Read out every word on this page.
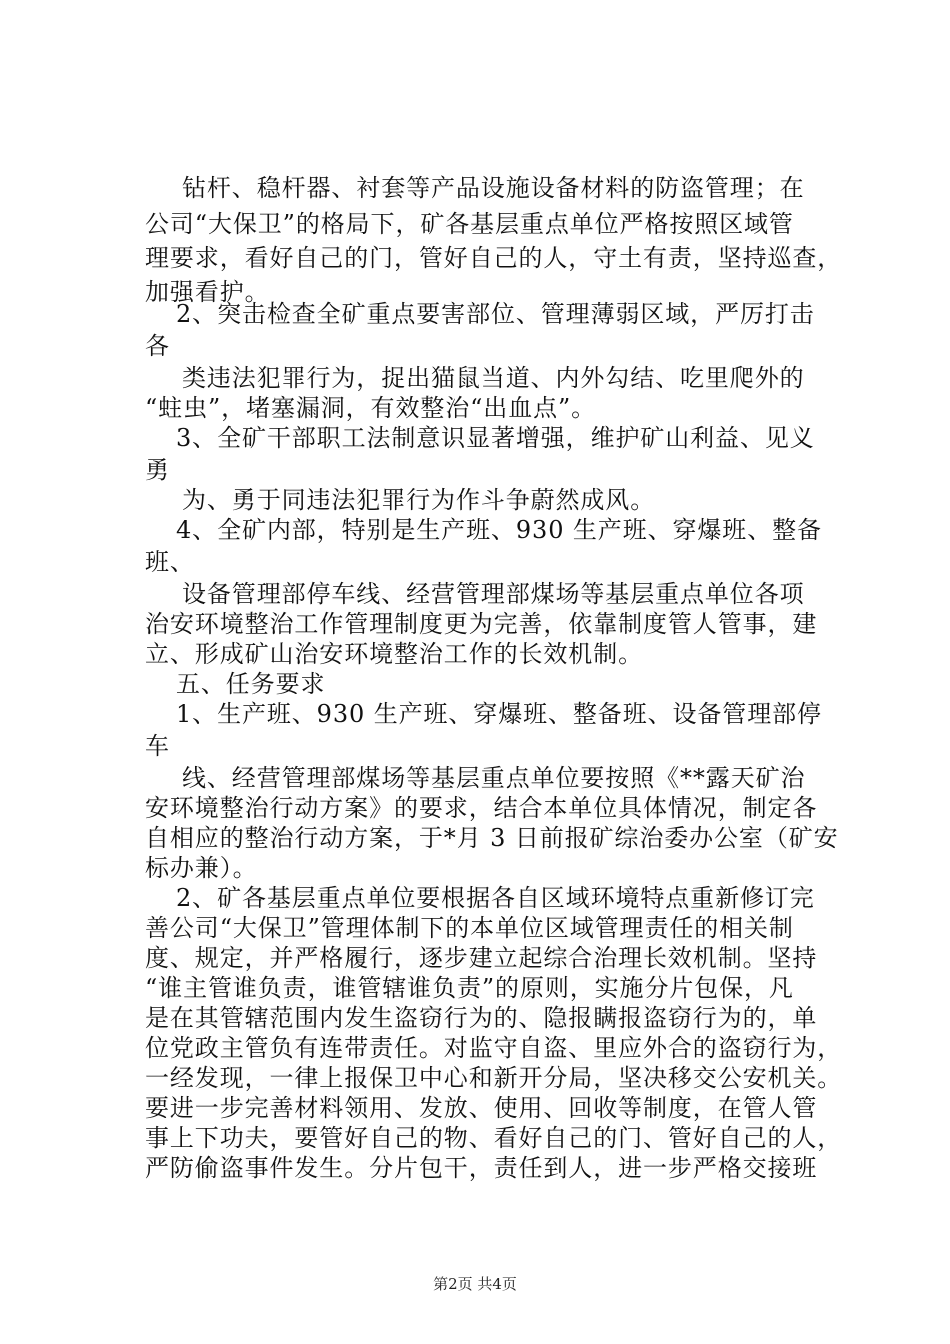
钻杆、稳杆器、衬套等产品设施设备材料的防盗管理；在
公司“大保卫”的格局下，矿各基层重点单位严格按照区域管
理要求，看好自己的门，管好自己的人，守土有责，坚持巡查，
加强看护。
2、突击检查全矿重点要害部位、管理薄弱区域，严厉打击
各
类违法犯罪行为，捉出猫鼠当道、内外勾结、吃里爬外的
“蛀虫”，堵塞漏洞，有效整治“出血点”。
3、全矿干部职工法制意识显著增强，维护矿山利益、见义
勇
为、勇于同违法犯罪行为作斗争蔚然成风。
4、全矿内部，特别是生产班、930 生产班、穿爆班、整备
班、
设备管理部停车线、经营管理部煤场等基层重点单位各项
治安环境整治工作管理制度更为完善，依靠制度管人管事，建
立、形成矿山治安环境整治工作的长效机制。
五、任务要求
1、生产班、930 生产班、穿爆班、整备班、设备管理部停
车
线、经营管理部煤场等基层重点单位要按照《**露天矿治
安环境整治行动方案》的要求，结合本单位具体情况，制定各
自相应的整治行动方案，于*月 3 日前报矿综治委办公室（矿安
标办兼）。
2、矿各基层重点单位要根据各自区域环境特点重新修订完
善公司“大保卫”管理体制下的本单位区域管理责任的相关制
度、规定，并严格履行，逐步建立起综合治理长效机制。坚持
“谁主管谁负责，谁管辖谁负责”的原则，实施分片包保，凡
是在其管辖范围内发生盗窃行为的、隐报瞒报盗窃行为的，单
位党政主管负有连带责任。对监守自盗、里应外合的盗窃行为，
一经发现，一律上报保卫中心和新开分局，坚决移交公安机关。
要进一步完善材料领用、发放、使用、回收等制度，在管人管
事上下功夫，要管好自己的物、看好自己的门、管好自己的人，
严防偷盗事件发生。分片包干，责任到人，进一步严格交接班
第2页 共4页
